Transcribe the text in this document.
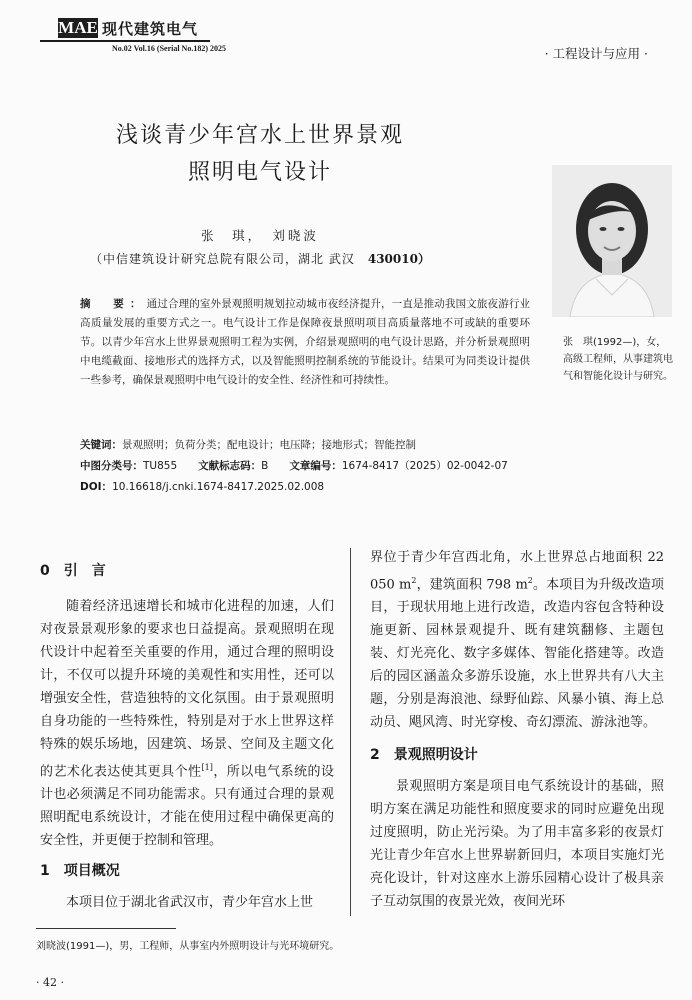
MAE 现代建筑电气
No.02 Vol.16 (Serial No.182) 2025	· 工程设计与应用 ·
浅谈青少年宫水上世界景观
照明电气设计
张　琪，　刘晓波
（中信建筑设计研究总院有限公司，湖北 武汉　 430010）
张　琪(1992—)，女，高级工程师，从事建筑电气和智能化设计与研究。
摘　要：通过合理的室外景观照明规划拉动城市夜经济提升，一直是推动我国文旅夜游行业高质量发展的重要方式之一。电气设计工作是保障夜景照明项目高质量落地不可或缺的重要环节。以青少年宫水上世界景观照明工程为实例，介绍景观照明的电气设计思路，并分析景观照明中电缆截面、接地形式的选择方式，以及智能照明控制系统的节能设计。结果可为同类设计提供一些参考，确保景观照明中电气设计的安全性、经济性和可持续性。
关键词：景观照明；负荷分类；配电设计；电压降；接地形式；智能控制
中图分类号：TU855　　 文献标志码：B　　 文章编号：1674-8417（2025）02-0042-07
DOI：10.16618/j.cnki.1674-8417.2025.02.008
0　引　言

随着经济迅速增长和城市化进程的加速，人们对夜景景观形象的要求也日益提高。景观照明在现代设计中起着至关重要的作用，通过合理的照明设计，不仅可以提升环境的美观性和实用性，还可以增强安全性，营造独特的文化氛围。由于景观照明自身功能的一些特殊性，特别是对于水上世界这样特殊的娱乐场地，因建筑、场景、空间及主题文化的艺术化表达使其更具个性[1]，所以电气系统的设计也必须满足不同功能需求。只有通过合理的景观照明配电系统设计，才能在使用过程中确保更高的安全性，并更便于控制和管理。

1　项目概况

本项目位于湖北省武汉市，青少年宫水上世

界位于青少年宫西北角，水上世界总占地面积 22 050 $m^2$，建筑面积 798 $m^2$。本项目为升级改造项目，于现状用地上进行改造，改造内容包含特种设施更新、园林景观提升、既有建筑翻修、主题包装、灯光亮化、数字多媒体、智能化搭建等。改造后的园区涵盖众多游乐设施，水上世界共有八大主题，分别是海浪池、绿野仙踪、风暴小镇、海上总动员、飓风湾、时光穿梭、奇幻漂流、游泳池等。

2　景观照明设计

景观照明方案是项目电气系统设计的基础，照明方案在满足功能性和照度要求的同时应避免出现过度照明，防止光污染。为了用丰富多彩的夜景灯光让青少年宫水上世界崭新回归，本项目实施灯光亮化设计，针对这座水上游乐园精心设计了极具亲子互动氛围的夜景光效，夜间光环

刘晓波(1991—)，男，工程师，从事室内外照明设计与光环境研究。
· 42 ·
